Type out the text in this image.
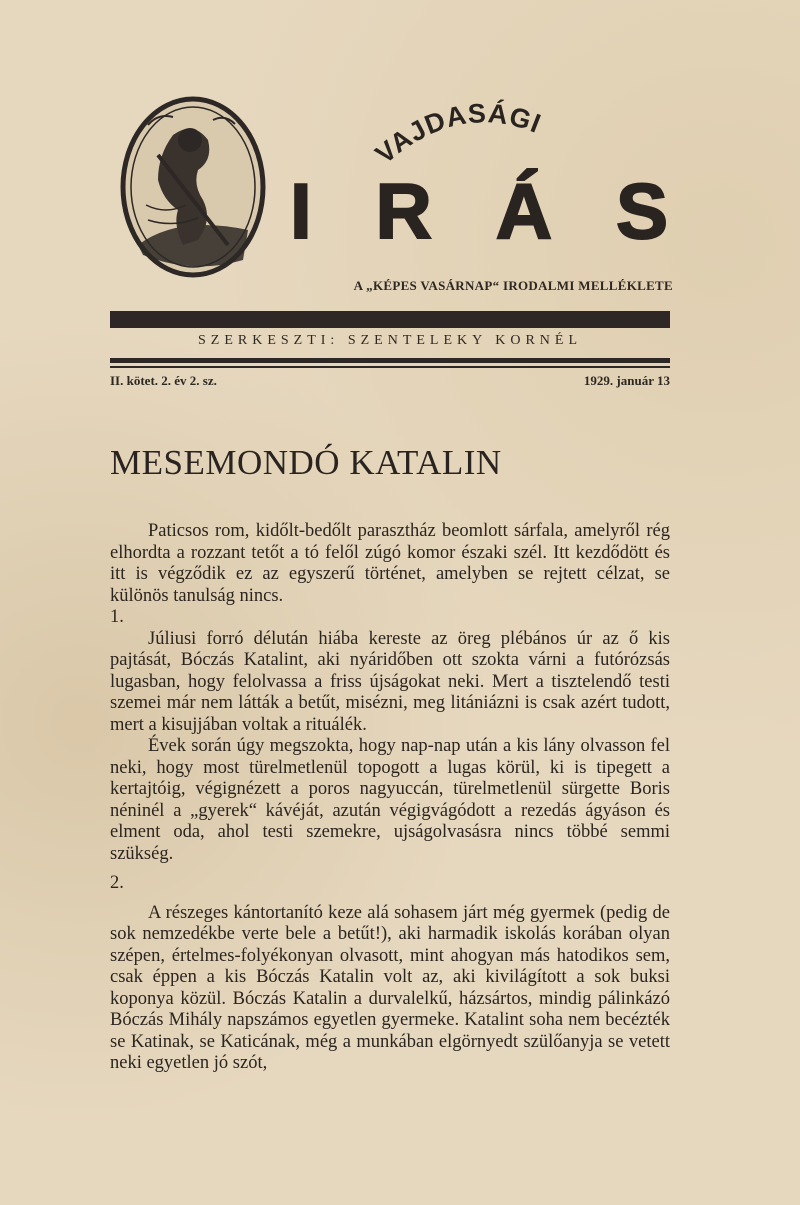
VAJDASÁGI
I R Á S
A „KÉPES VASÁRNAP“ IRODALMI MELLÉKLETE
SZERKESZTI: SZENTELEKY KORNÉL
II. kötet. 2. év 2. sz.	1929. január 13
MESEMONDÓ KATALIN

Paticsos rom, kidőlt-bedőlt parasztház beomlott sárfala, amelyről rég elhordta a rozzant tetőt a tó felől zúgó komor északi szél. Itt kezdődött és itt is végződik ez az egyszerű történet, amelyben se rejtett célzat, se különös tanulság nincs.

1.

Júliusi forró délután hiába kereste az öreg plébános úr az ő kis pajtását, Bóczás Katalint, aki nyáridőben ott szokta várni a futórózsás lugasban, hogy felolvassa a friss újságokat neki. Mert a tisztelendő testi szemei már nem látták a betűt, misézni, meg litániázni is csak azért tudott, mert a kisujjában voltak a rituálék.

Évek során úgy megszokta, hogy nap-nap után a kis lány olvasson fel neki, hogy most türelmetlenül topogott a lugas körül, ki is tipegett a kertajtóig, végignézett a poros nagyuccán, türelmetlenül sürgette Boris néninél a „gyerek“ kávéját, azután végigvágódott a rezedás ágyáson és elment oda, ahol testi szemekre, ujságolvasásra nincs többé semmi szükség.

2.

A részeges kántortanító keze alá sohasem járt még gyermek (pedig de sok nemzedékbe verte bele a betűt!), aki harmadik iskolás korában olyan szépen, értelmes-folyékonyan olvasott, mint ahogyan más hatodikos sem, csak éppen a kis Bóczás Katalin volt az, aki kivilágított a sok buksi koponya közül. Bóczás Katalin a durvalelkű, házsártos, mindig pálinkázó Bóczás Mihály napszámos egyetlen gyermeke. Katalint soha nem becézték se Katinak, se Katicának, még a munkában elgörnyedt szülőanyja se vetett neki egyetlen jó szót,
